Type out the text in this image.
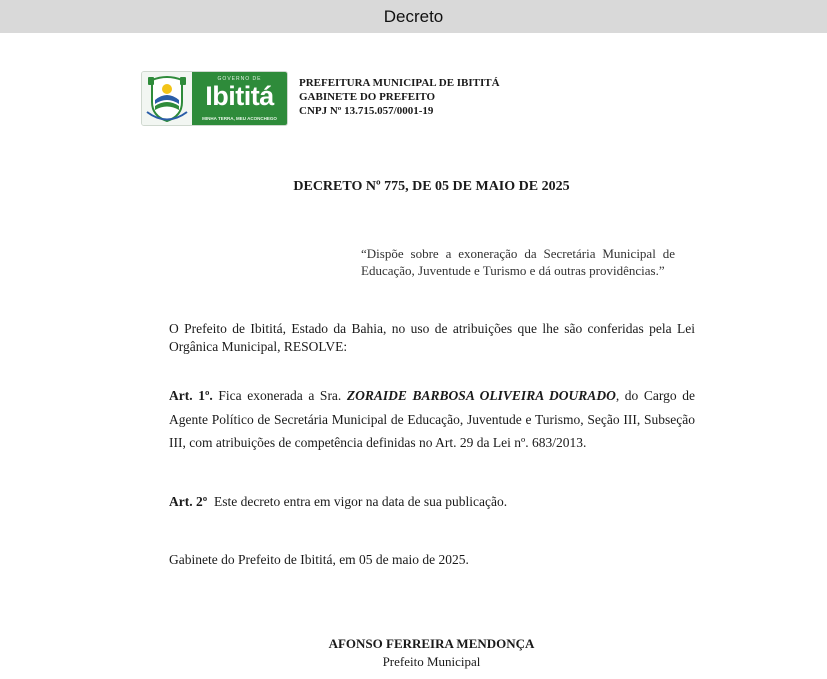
Decreto
GOVERNO DE
Ibititá
MINHA TERRA, MEU ACONCHEGO
PREFEITURA MUNICIPAL DE IBITITÁ
GABINETE DO PREFEITO
CNPJ Nº 13.715.057/0001-19
DECRETO Nº 775, DE 05 DE MAIO DE 2025
“Dispõe sobre a exoneração da Secretária Municipal de Educação, Juventude e Turismo e dá outras providências.”
O Prefeito de Ibititá, Estado da Bahia, no uso de atribuições que lhe são conferidas pela Lei Orgânica Municipal, RESOLVE:
Art. 1º. Fica exonerada a Sra. ZORAIDE BARBOSA OLIVEIRA DOURADO, do Cargo de Agente Político de Secretária Municipal de Educação, Juventude e Turismo, Seção III, Subseção III, com atribuições de competência definidas no Art. 29 da Lei nº. 683/2013.
Art. 2º  Este decreto entra em vigor na data de sua publicação.
Gabinete do Prefeito de Ibititá, em 05 de maio de 2025.
AFONSO FERREIRA MENDONÇA
Prefeito Municipal
